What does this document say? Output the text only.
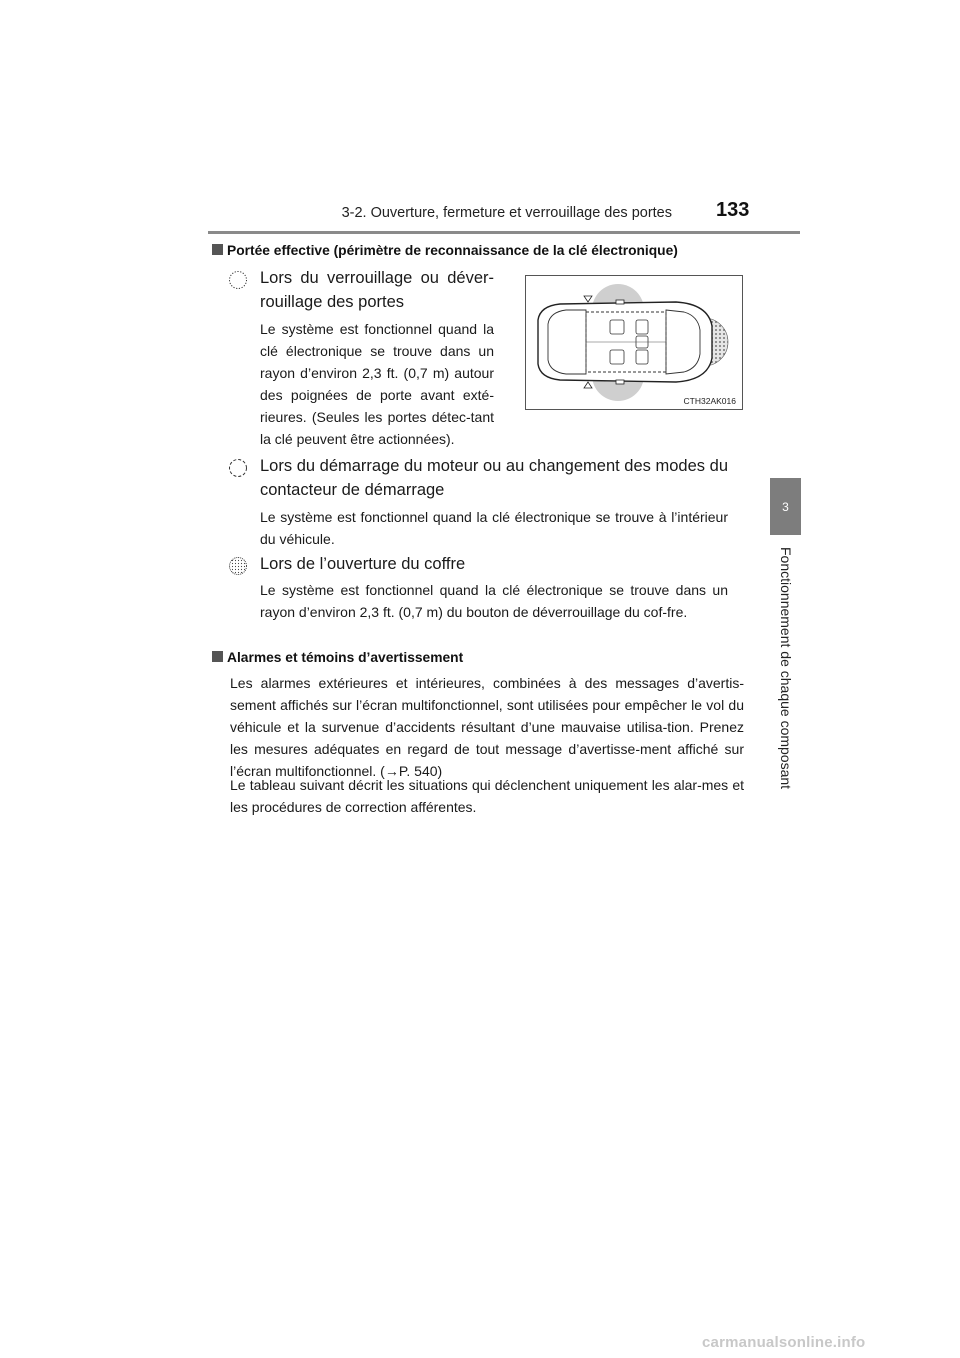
3-2. Ouverture, fermeture et verrouillage des portes 133
3
Fonctionnement de chaque composant
Portée effective (périmètre de reconnaissance de la clé électronique)
Lors du verrouillage ou déver-rouillage des portes
Le système est fonctionnel quand la clé électronique se trouve dans un rayon d’environ 2,3 ft. (0,7 m) autour des poignées de porte avant exté-rieures. (Seules les portes détec-tant la clé peuvent être actionnées).
CTH32AK016
Lors du démarrage du moteur ou au changement des modes du contacteur de démarrage
Le système est fonctionnel quand la clé électronique se trouve à l’intérieur du véhicule.
Lors de l’ouverture du coffre
Le système est fonctionnel quand la clé électronique se trouve dans un rayon d’environ 2,3 ft. (0,7 m) du bouton de déverrouillage du cof-fre.
Alarmes et témoins d’avertissement
Les alarmes extérieures et intérieures, combinées à des messages d’avertis-sement affichés sur l’écran multifonctionnel, sont utilisées pour empêcher le vol du véhicule et la survenue d’accidents résultant d’une mauvaise utilisa-tion. Prenez les mesures adéquates en regard de tout message d’avertisse-ment affiché sur l’écran multifonctionnel. (→P. 540)
Le tableau suivant décrit les situations qui déclenchent uniquement les alar-mes et les procédures de correction afférentes.
carmanualsonline.info
